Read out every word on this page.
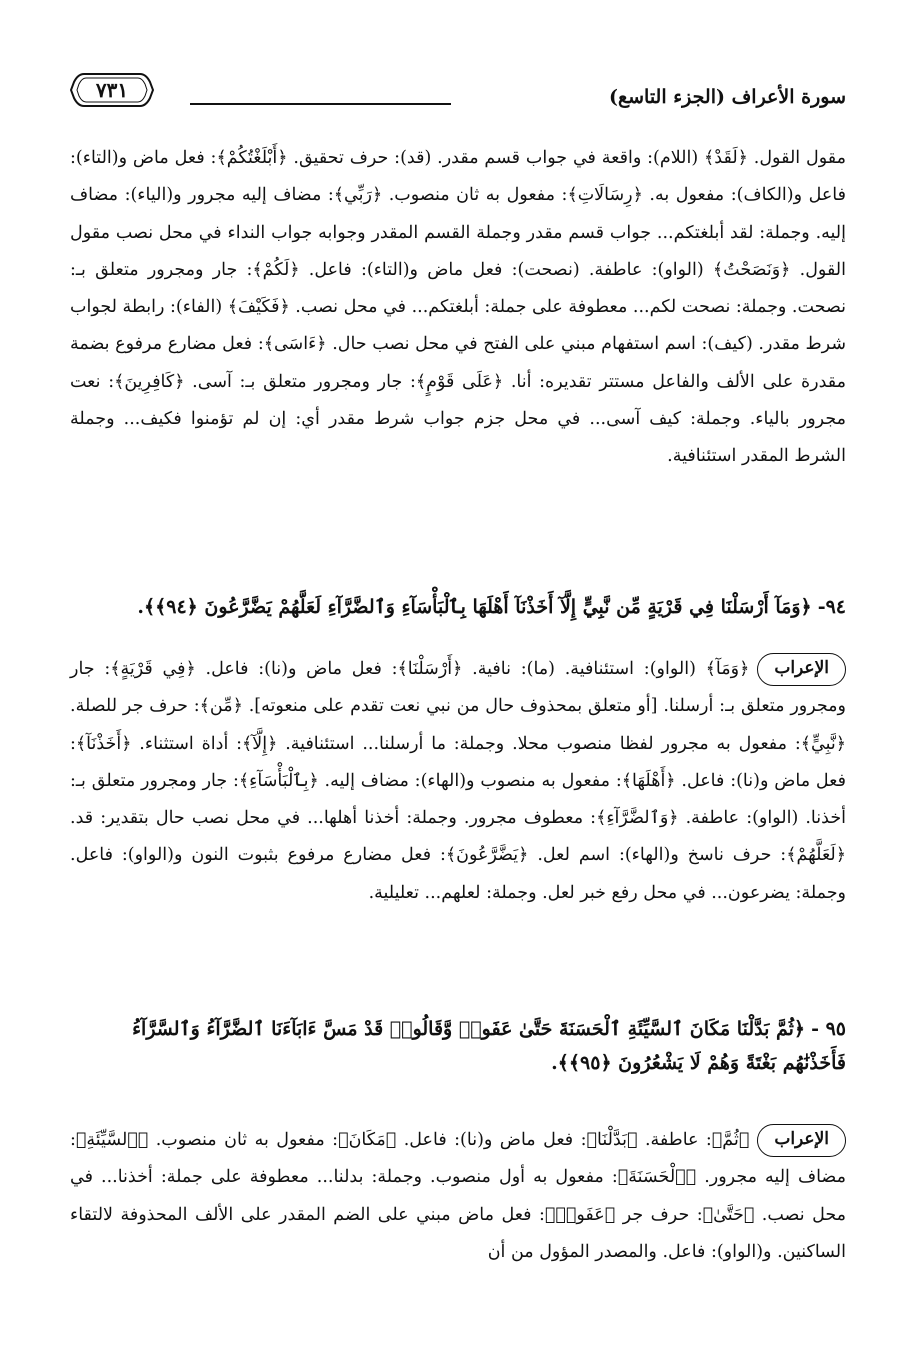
سورة الأعراف (الجزء التاسع)
٧٣١

مقول القول. ﴿لَقَدْ﴾ (اللام): واقعة في جواب قسم مقدر. (قد): حرف تحقيق. ﴿أَبْلَغْتُكُمْ﴾: فعل ماض و(التاء): فاعل و(الكاف): مفعول به. ﴿رِسَالَاتِ﴾: مفعول به ثان منصوب. ﴿رَبِّي﴾: مضاف إليه مجرور و(الياء): مضاف إليه. وجملة: لقد أبلغتكم... جواب قسم مقدر وجملة القسم المقدر وجوابه جواب النداء في محل نصب مقول القول. ﴿وَنَصَحْتُ﴾ (الواو): عاطفة. (نصحت): فعل ماض و(التاء): فاعل. ﴿لَكُمْ﴾: جار ومجرور متعلق بـ: نصحت. وجملة: نصحت لكم... معطوفة على جملة: أبلغتكم... في محل نصب. ﴿فَكَيْفَ﴾ (الفاء): رابطة لجواب شرط مقدر. (كيف): اسم استفهام مبني على الفتح في محل نصب حال. ﴿ءَاسَى﴾: فعل مضارع مرفوع بضمة مقدرة على الألف والفاعل مستتر تقديره: أنا. ﴿عَلَى قَوْمٍ﴾: جار ومجرور متعلق بـ: آسى. ﴿كَافِرِينَ﴾: نعت مجرور بالياء. وجملة: كيف آسى... في محل جزم جواب شرط مقدر أي: إن لم تؤمنوا فكيف... وجملة الشرط المقدر استئنافية.

٩٤-﴿وَمَآ أَرْسَلْنَا فِي قَرْيَةٍ مِّن نَّبِيٍّ إِلَّآ أَخَذْنَآ أَهْلَهَا بِٱلْبَأْسَآءِ وَٱلضَّرَّآءِ لَعَلَّهُمْ يَضَّرَّعُونَ ﴿٩٤﴾﴾.
الإعراب
﴿وَمَآ﴾ (الواو): استئنافية. (ما): نافية. ﴿أَرْسَلْنَا﴾: فعل ماض و(نا): فاعل. ﴿فِي قَرْيَةٍ﴾: جار ومجرور متعلق بـ: أرسلنا. [أو متعلق بمحذوف حال من نبي نعت تقدم على منعوته]. ﴿مِّن﴾: حرف جر للصلة. ﴿نَّبِيٍّ﴾: مفعول به مجرور لفظا منصوب محلا. وجملة: ما أرسلنا... استئنافية. ﴿إِلَّآ﴾: أداة استثناء. ﴿أَخَذْنَآ﴾: فعل ماض و(نا): فاعل. ﴿أَهْلَهَا﴾: مفعول به منصوب و(الهاء): مضاف إليه. ﴿بِٱلْبَأْسَآءِ﴾: جار ومجرور متعلق بـ: أخذنا. (الواو): عاطفة. ﴿وَٱلضَّرَّآءِ﴾: معطوف مجرور. وجملة: أخذنا أهلها... في محل نصب حال بتقدير: قد. ﴿لَعَلَّهُمْ﴾: حرف ناسخ و(الهاء): اسم لعل. ﴿يَضَّرَّعُونَ﴾: فعل مضارع مرفوع بثبوت النون و(الواو): فاعل. وجملة: يضرعون... في محل رفع خبر لعل. وجملة: لعلهم... تعليلية.
٩٥ -﴿ثُمَّ بَدَّلْنَا مَكَانَ ٱلسَّيِّئَةِ ٱلْحَسَنَةَ حَتَّىٰ عَفَوا۟ وَّقَالُوا۟ قَدْ مَسَّ ءَابَآءَنَا ٱلضَّرَّآءُ وَٱلسَّرَّآءُ فَأَخَذْنَٰهُم بَغْتَةً وَهُمْ لَا يَشْعُرُونَ ﴿٩٥﴾﴾.
الإعراب
﴿ثُمَّ﴾: عاطفة. ﴿بَدَّلْنَا﴾: فعل ماض و(نا): فاعل. ﴿مَكَانَ﴾: مفعول به ثان منصوب. ﴿ٱلسَّيِّئَةِ﴾: مضاف إليه مجرور. ﴿ٱلْحَسَنَةَ﴾: مفعول به أول منصوب. وجملة: بدلنا... معطوفة على جملة: أخذنا... في محل نصب. ﴿حَتَّىٰ﴾: حرف جر ﴿عَفَوا۟﴾: فعل ماض مبني على الضم المقدر على الألف المحذوفة لالتقاء الساكنين. و(الواو): فاعل. والمصدر المؤول من أن
